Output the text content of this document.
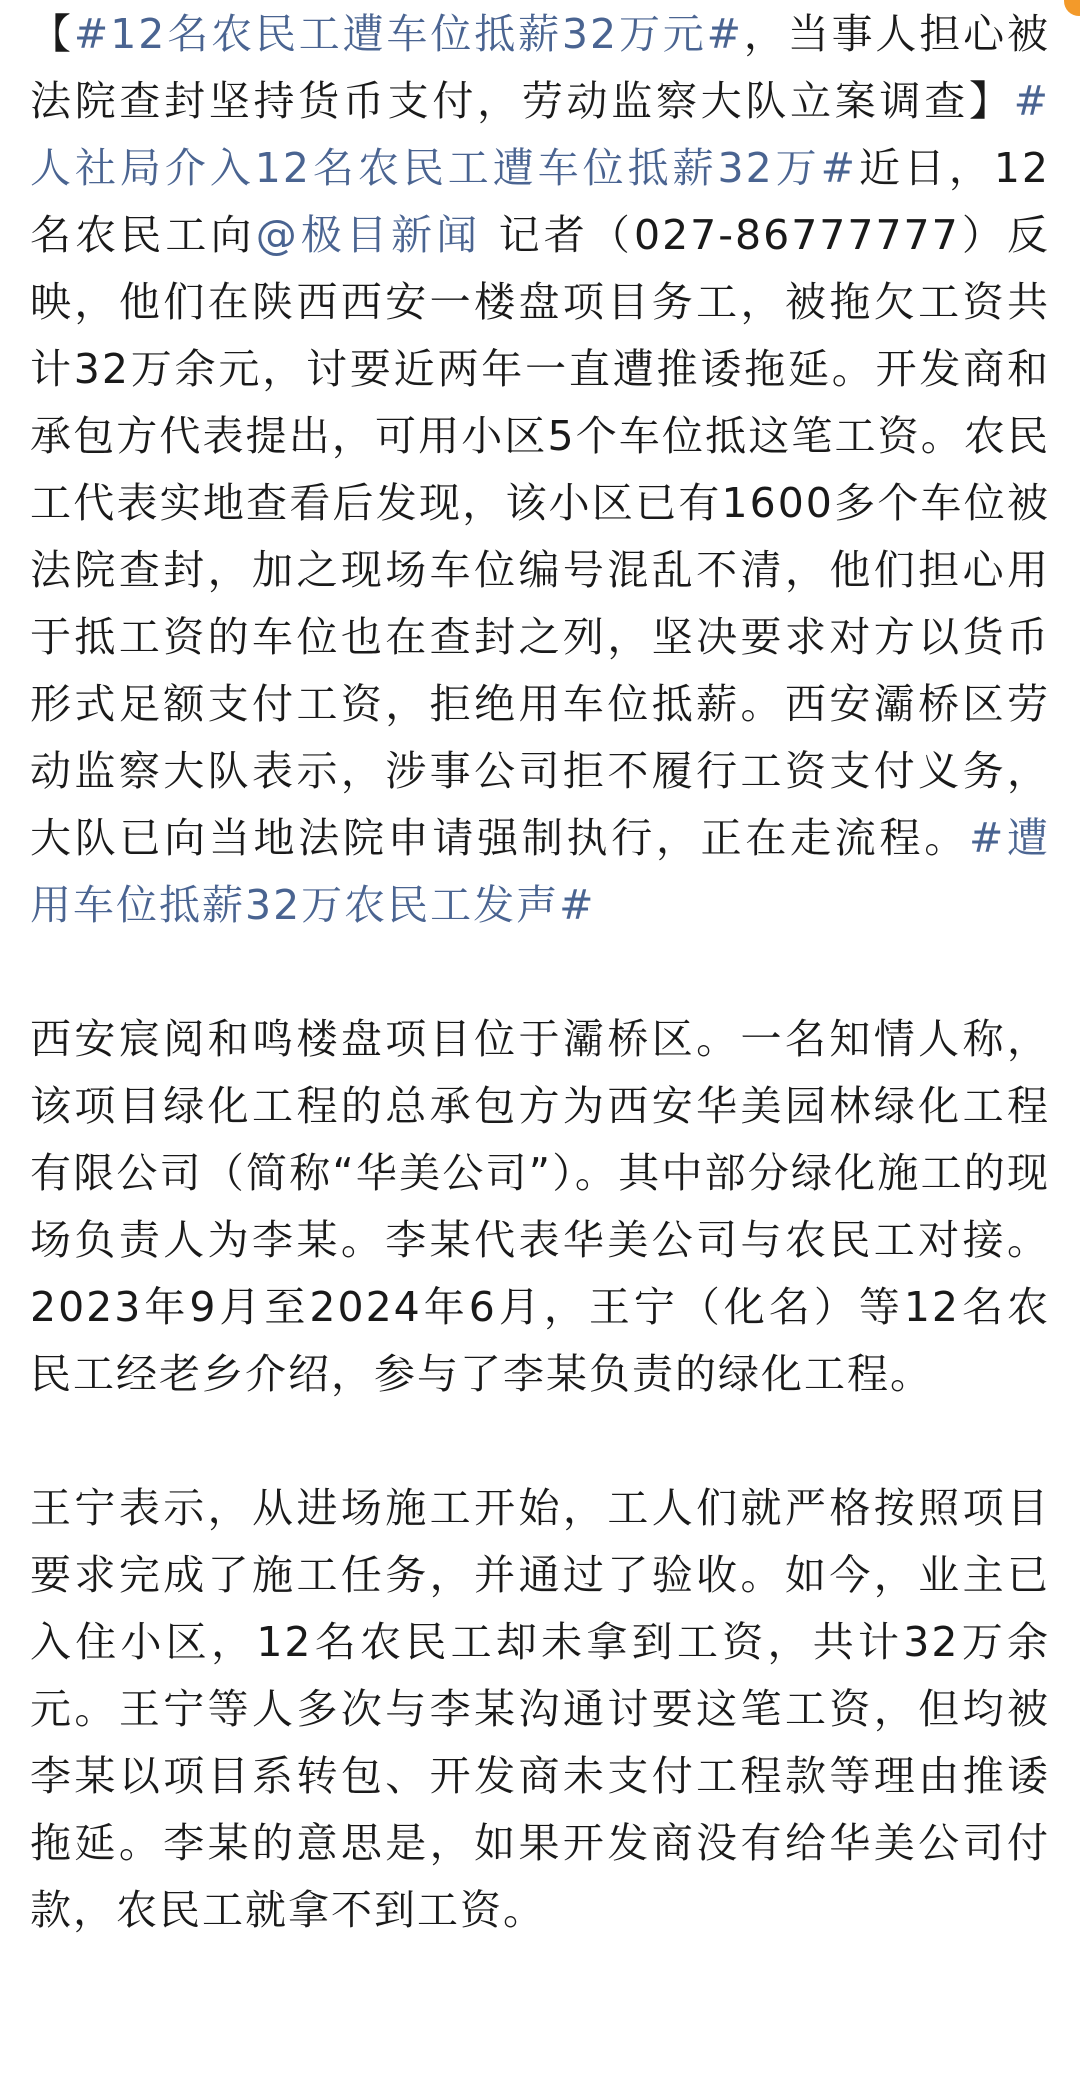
【#12名农民工遭车位抵薪32万元#，当事人担心被法院查封坚持货币支付，劳动监察大队立案调查】#人社局介入12名农民工遭车位抵薪32万#近日，12名农民工向@极目新闻 记者（027-86777777）反映，他们在陕西西安一楼盘项目务工，被拖欠工资共计32万余元，讨要近两年一直遭推诿拖延。开发商和承包方代表提出，可用小区5个车位抵这笔工资。农民工代表实地查看后发现，该小区已有1600多个车位被法院查封，加之现场车位编号混乱不清，他们担心用于抵工资的车位也在查封之列，坚决要求对方以货币形式足额支付工资，拒绝用车位抵薪。西安灞桥区劳动监察大队表示，涉事公司拒不履行工资支付义务，大队已向当地法院申请强制执行，正在走流程。#遭用车位抵薪32万农民工发声#

西安宸阅和鸣楼盘项目位于灞桥区。一名知情人称，该项目绿化工程的总承包方为西安华美园林绿化工程有限公司（简称“华美公司”）。其中部分绿化施工的现场负责人为李某。李某代表华美公司与农民工对接。2023年9月至2024年6月，王宁（化名）等12名农民工经老乡介绍，参与了李某负责的绿化工程。

王宁表示，从进场施工开始，工人们就严格按照项目要求完成了施工任务，并通过了验收。如今，业主已入住小区，12名农民工却未拿到工资，共计32万余元。王宁等人多次与李某沟通讨要这笔工资，但均被李某以项目系转包、开发商未支付工程款等理由推诿拖延。李某的意思是，如果开发商没有给华美公司付款，农民工就拿不到工资。
